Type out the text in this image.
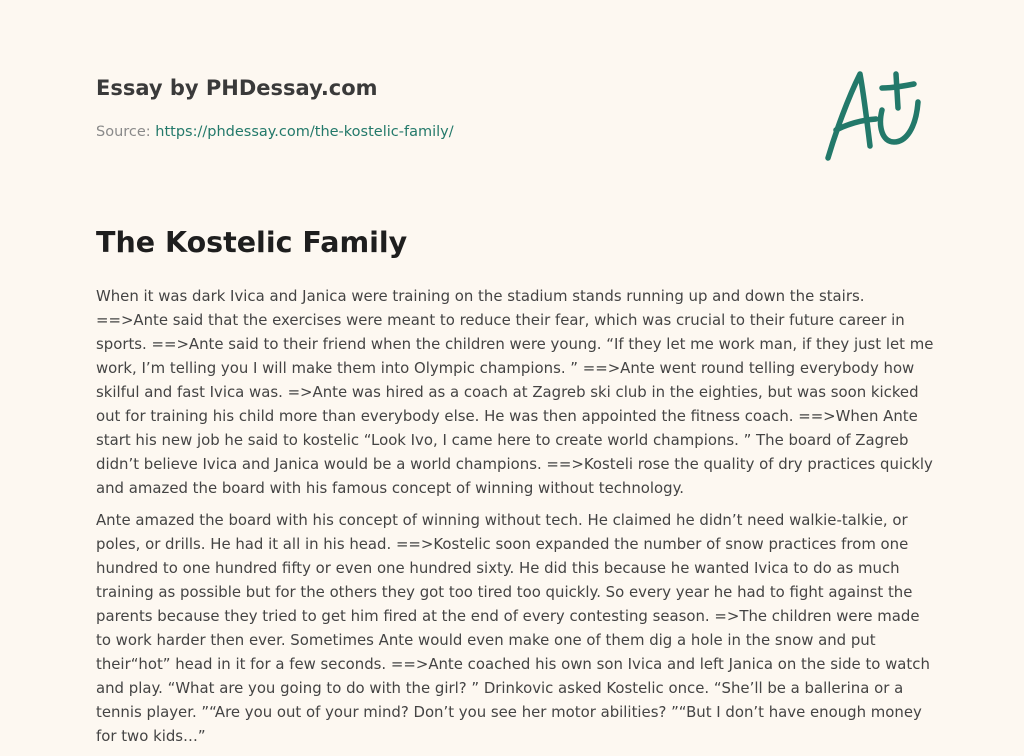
Essay by PHDessay.com
Source: https://phdessay.com/the-kostelic-family/
The Kostelic Family

When it was dark Ivica and Janica were training on the stadium stands running up and down the stairs. ==>Ante said that the exercises were meant to reduce their fear, which was crucial to their future career in sports. ==>Ante said to their friend when the children were young. “If they let me work man, if they just let me work, I’m telling you I will make them into Olympic champions. ” ==>Ante went round telling everybody how skilful and fast Ivica was. =>Ante was hired as a coach at Zagreb ski club in the eighties, but was soon kicked out for training his child more than everybody else. He was then appointed the fitness coach. ==>When Ante start his new job he said to kostelic “Look Ivo, I came here to create world champions. ” The board of Zagreb didn’t believe Ivica and Janica would be a world champions. ==>Kosteli rose the quality of dry practices quickly and amazed the board with his famous concept of winning without technology.

Ante amazed the board with his concept of winning without tech. He claimed he didn’t need walkie-talkie, or poles, or drills. He had it all in his head. ==>Kostelic soon expanded the number of snow practices from one hundred to one hundred fifty or even one hundred sixty. He did this because he wanted Ivica to do as much training as possible but for the others they got too tired too quickly. So every year he had to fight against the parents because they tried to get him fired at the end of every contesting season. =>The children were made to work harder then ever. Sometimes Ante would even make one of them dig a hole in the snow and put their“hot” head in it for a few seconds. ==>Ante coached his own son Ivica and left Janica on the side to watch and play. “What are you going to do with the girl? ” Drinkovic asked Kostelic once. “She’ll be a ballerina or a tennis player. ”“Are you out of your mind? Don’t you see her motor abilities? ”“But I don’t have enough money for two kids…”
